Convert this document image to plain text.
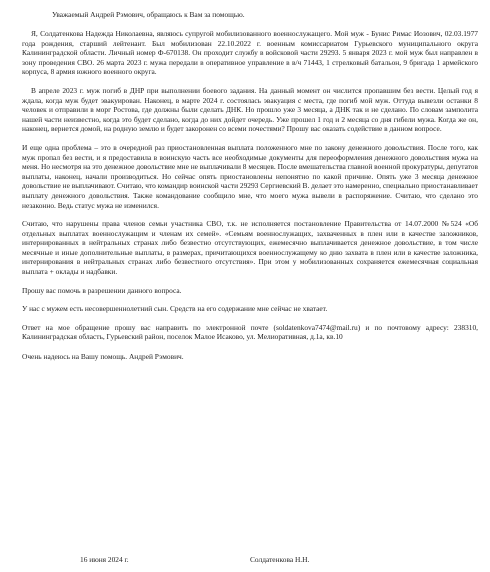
Уважаемый Андрей Рэмович, обращаюсь к Вам за помощью.

Я, Солдатенкова Надежда Николаевна, являюсь супругой мобилизованного военнослужащего. Мой муж - Бунис Римас Иозович, 02.03.1977 года рождения, старший лейтенант. Был мобилизован 22.10.2022 г. военным комиссариатом Гурьевского муниципального округа Калининградской области. Личный номер Ф-670138. Он проходит службу в войсковой части 29293. 5 января 2023 г. мой муж был направлен в зону проведения СВО. 26 марта 2023 г. мужа передали в оперативное управление в в/ч 71443, 1 стрелковый батальон, 9 бригада 1 армейского корпуса, 8 армия южного военного округа.

В апреле 2023 г. муж погиб в ДНР при выполнении боевого задания. На данный момент он числится пропавшим без вести. Целый год я ждала, когда муж будет эвакуирован. Наконец, в марте 2024 г. состоялась эвакуация с места, где погиб мой муж. Оттуда вывезли останки 8 человек и отправили в морг Ростова, где должны были сделать ДНК. Но прошло уже 3 месяца, а ДНК так и не сделано. По словам замполита нашей части неизвестно, когда это будет сделано, когда до них дойдет очередь. Уже прошел 1 год и 2 месяца со дня гибели мужа. Когда же он, наконец, вернется домой, на родную землю и будет закоронен со всеми почестями? Прошу вас оказать содействие в данном вопросе.

И еще одна проблема – это в очередной раз приостановленная выплата положенного мне по закону денежного довольствия. После того, как муж пропал без вести, и я предоставила в воинскую часть все необходимые документы для переоформления денежного довольствия мужа на меня. Но несмотря на это денежное довольствие мне не выплачивали 8 месяцев. После вмешательства главной военной прокуратуры, депутатов выплаты, наконец, начали производиться. Но сейчас опять приостановлены непонятно по какой причине. Опять уже 3 месяца денежное довольствие не выплачивают. Считаю, что командир воинской части 29293 Сергиевский В. делает это намеренно, специально приостанавливает выплату денежного довольствия. Также командование сообщило мне, что моего мужа вывели в распоряжение. Считаю, что сделано это незаконно. Ведь статус мужа не изменился.

Считаю, что нарушены права членов семьи участника СВО, т.к. не исполняется постановление Правительства от 14.07.2000 №524 «Об отдельных выплатах военнослужащим и членам их семей». «Семьям военнослужащих, захваченных в плен или в качестве заложников, интернированных в нейтральных странах либо безвестно отсутствующих, ежемесячно выплачивается денежное довольствие, в том числе месячные и иные дополнительные выплаты, в размерах, причитающихся военнослужащему ко дню захвата в плен или в качестве заложника, интернирования в нейтральных странах либо безвестного отсутствия». При этом у мобилизованных сохраняется ежемесячная социальная выплата + оклады и надбавки.

Прошу вас помочь в разрешении данного вопроса.

У нас с мужем есть несовершеннолетний сын. Средств на его содержание мне сейчас не хватает.

Ответ на мое обращение прошу вас направить по электронной почте (soldatenkova7474@mail.ru) и по почтовому адресу: 238310, Калининградская область, Гурьевский район, поселок Малое Исаково, ул. Мелиоративная, д.1а, кв.10

Очень надеюсь на Вашу помощь. Андрей Рэмович.

16 июня 2024 г.	Солдатенкова Н.Н.
